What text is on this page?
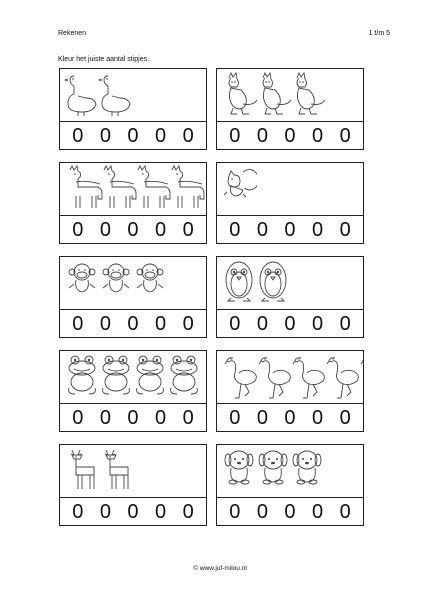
Rekenen	1 t/m 5
Kleur het juiste aantal stipjes.
0 0 0 0 0 0 0 0 0 0
0 0 0 0 0 0 0 0 0 0
0 0 0 0 0 0 0 0 0 0
0 0 0 0 0 0 0 0 0 0
0 0 0 0 0 0 0 0 0 0
© www.juf-milou.nl
